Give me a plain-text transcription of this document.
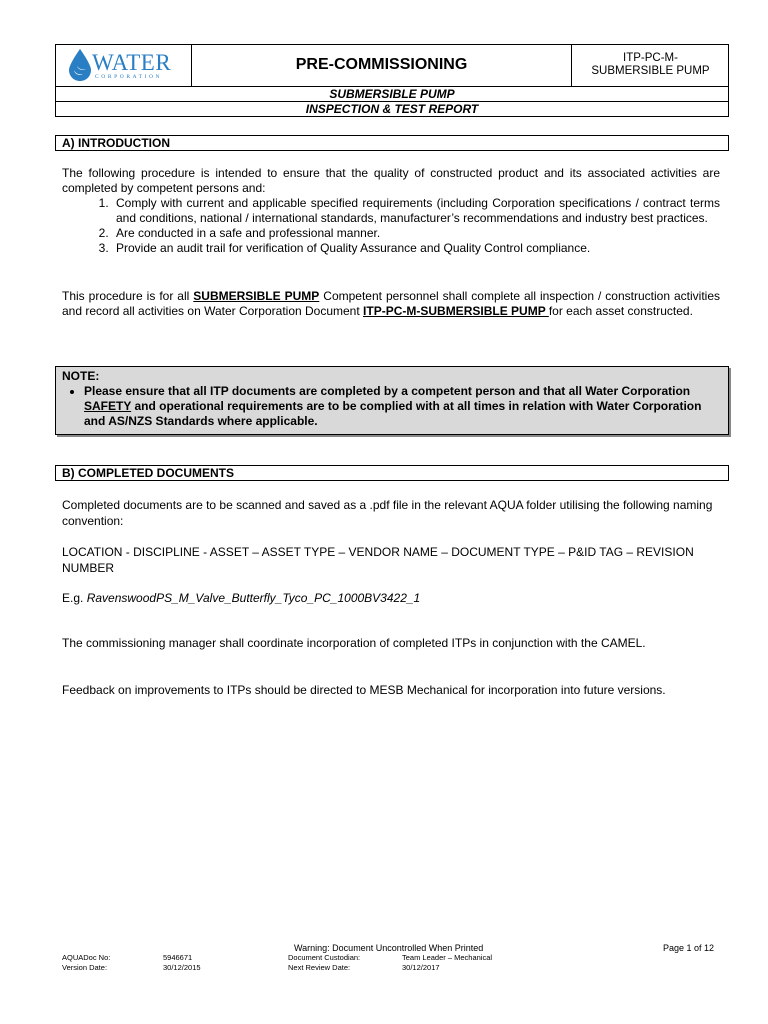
WATER
CORPORATION
PRE-COMMISSIONING	ITP-PC-M-
SUBMERSIBLE PUMP
SUBMERSIBLE PUMP
INSPECTION & TEST REPORT
A) INTRODUCTION
The following procedure is intended to ensure that the quality of constructed product and its associated activities are completed by competent persons and:
1. Comply with current and applicable specified requirements (including Corporation specifications / contract terms and conditions, national / international standards, manufacturer’s recommendations and industry best practices.
2. Are conducted in a safe and professional manner.
3. Provide an audit trail for verification of Quality Assurance and Quality Control compliance.
This procedure is for all SUBMERSIBLE PUMP Competent personnel shall complete all inspection / construction activities and record all activities on Water Corporation Document ITP-PC-M-SUBMERSIBLE PUMP for each asset constructed.
NOTE:
• Please ensure that all ITP documents are completed by a competent person and that all Water Corporation SAFETY and operational requirements are to be complied with at all times in relation with Water Corporation and AS/NZS Standards where applicable.
B) COMPLETED DOCUMENTS
Completed documents are to be scanned and saved as a .pdf file in the relevant AQUA folder utilising the following naming convention:
LOCATION - DISCIPLINE - ASSET – ASSET TYPE – VENDOR NAME – DOCUMENT TYPE – P&ID TAG – REVISION NUMBER
E.g. RavenswoodPS_M_Valve_Butterfly_Tyco_PC_1000BV3422_1
The commissioning manager shall coordinate incorporation of completed ITPs in conjunction with the CAMEL.
Feedback on improvements to ITPs should be directed to MESB Mechanical for incorporation into future versions.
Warning: Document Uncontrolled When Printed	Page 1 of 12
AQUADoc No:	5946671	Document Custodian:	Team Leader – Mechanical
Version Date:	30/12/2015	Next Review Date:	30/12/2017
